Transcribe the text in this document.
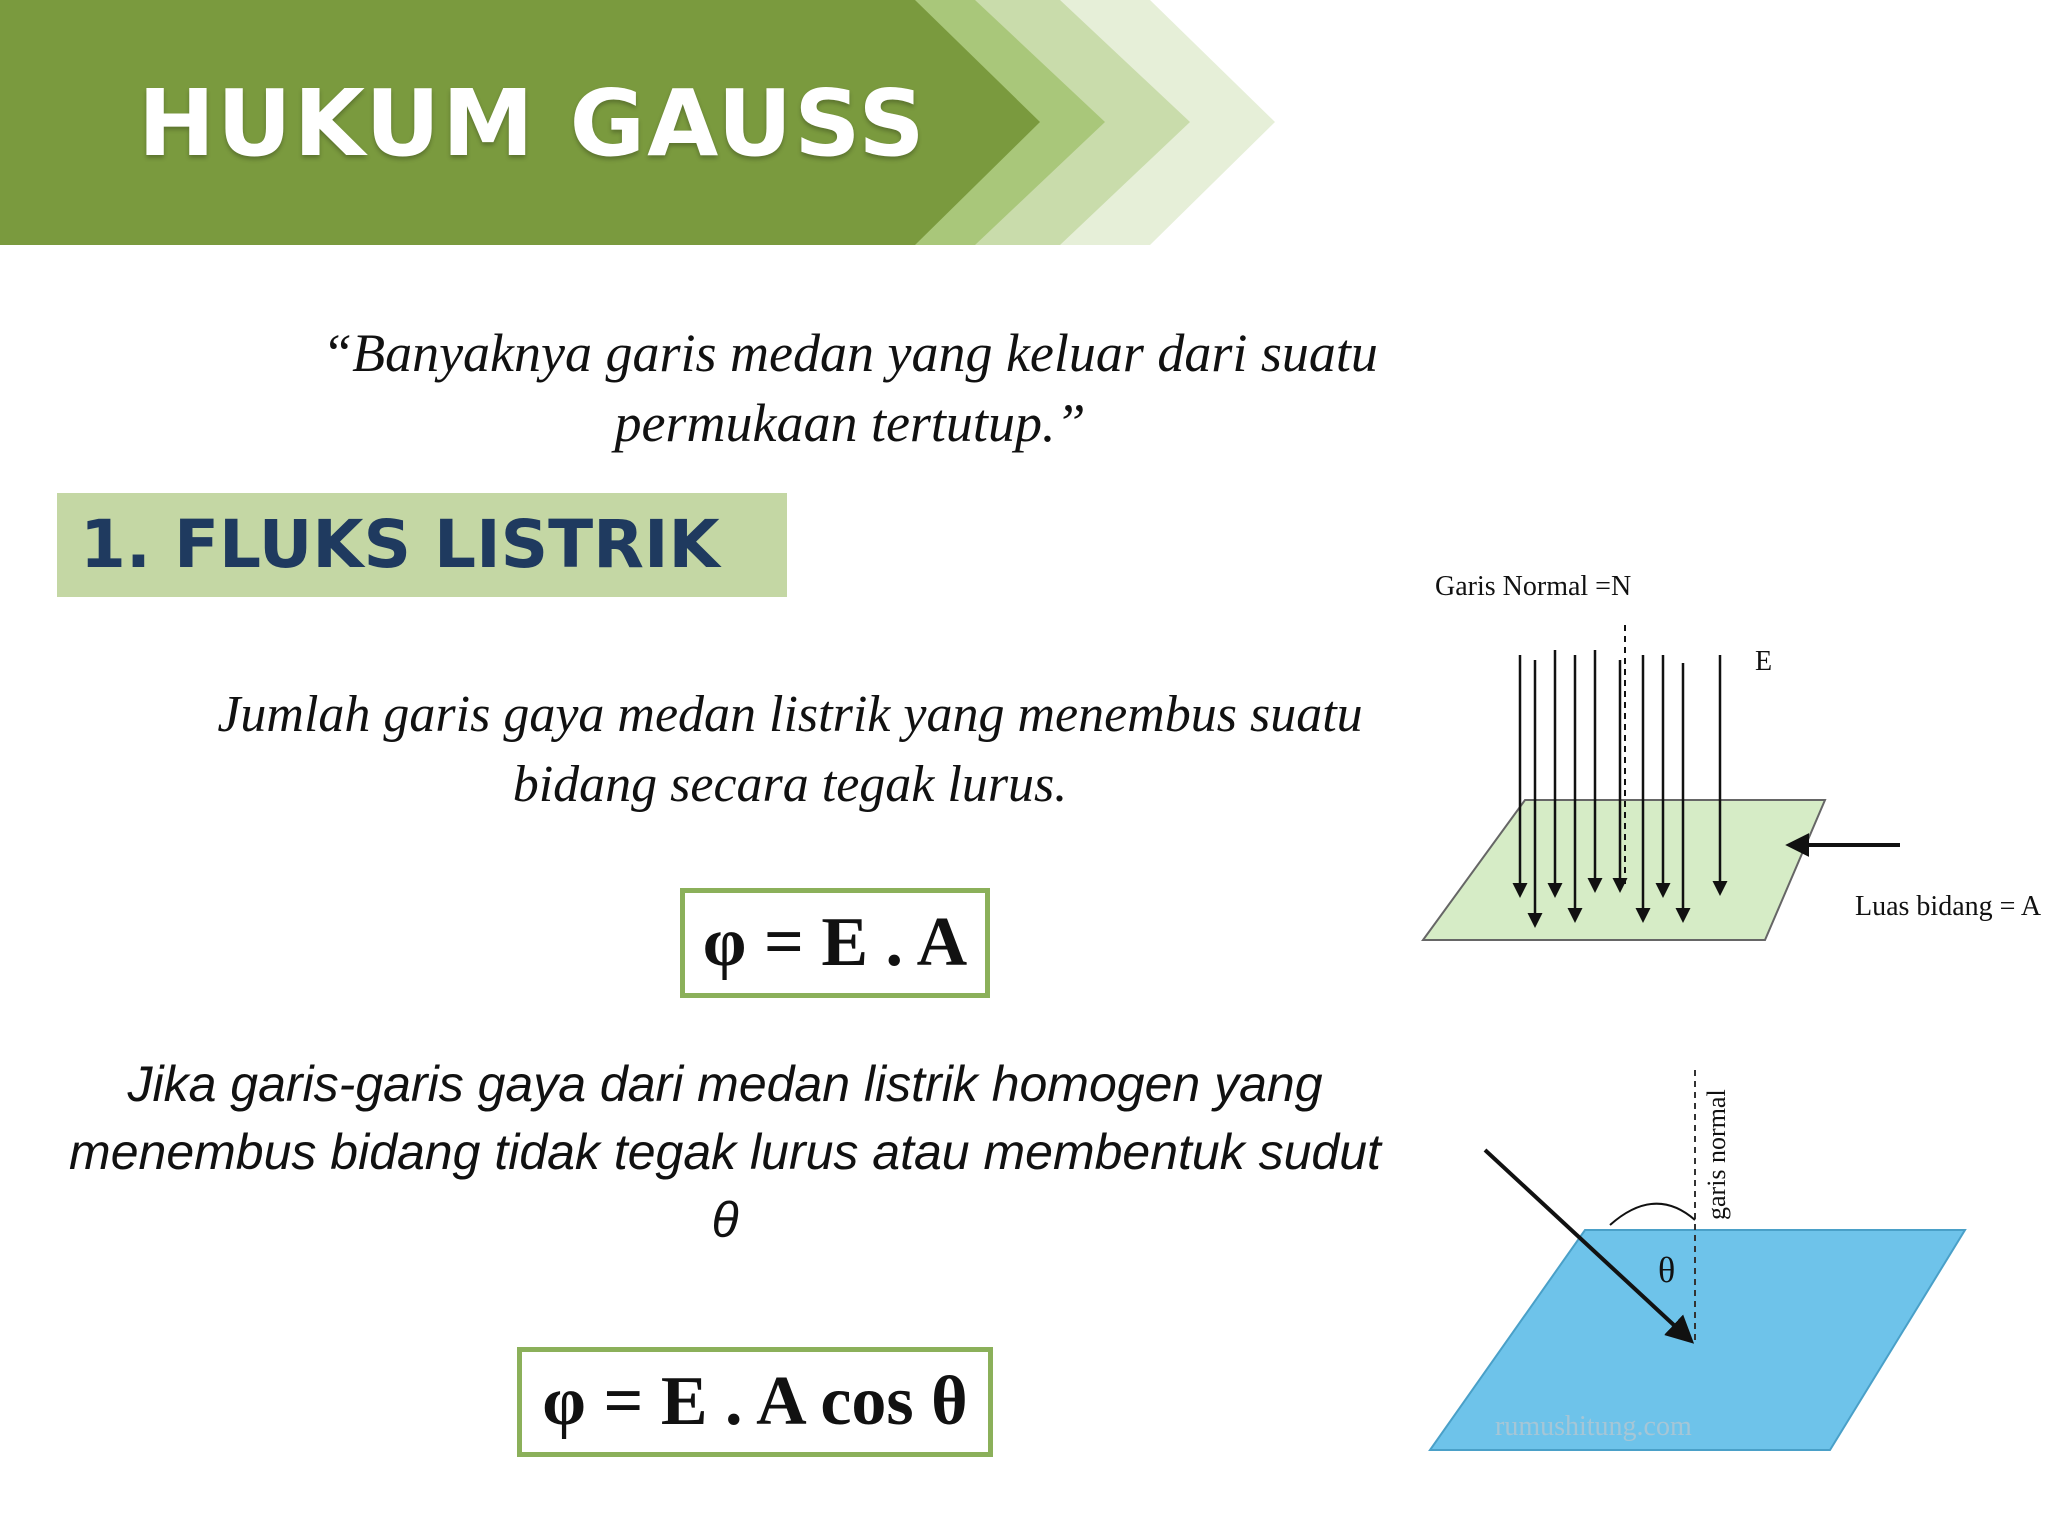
HUKUM GAUSS

“Banyaknya garis medan yang keluar dari suatu permukaan tertutup.”

1. FLUKS LISTRIK

Jumlah garis gaya medan listrik yang menembus suatu bidang secara tegak lurus.

φ = E . A

Jika garis-garis gaya dari medan listrik homogen yang menembus bidang tidak tegak lurus atau membentuk sudut θ

φ = E . A cos θ
Garis Normal =N
E
Luas bidang = A
θ
garis normal
rumushitung.com
